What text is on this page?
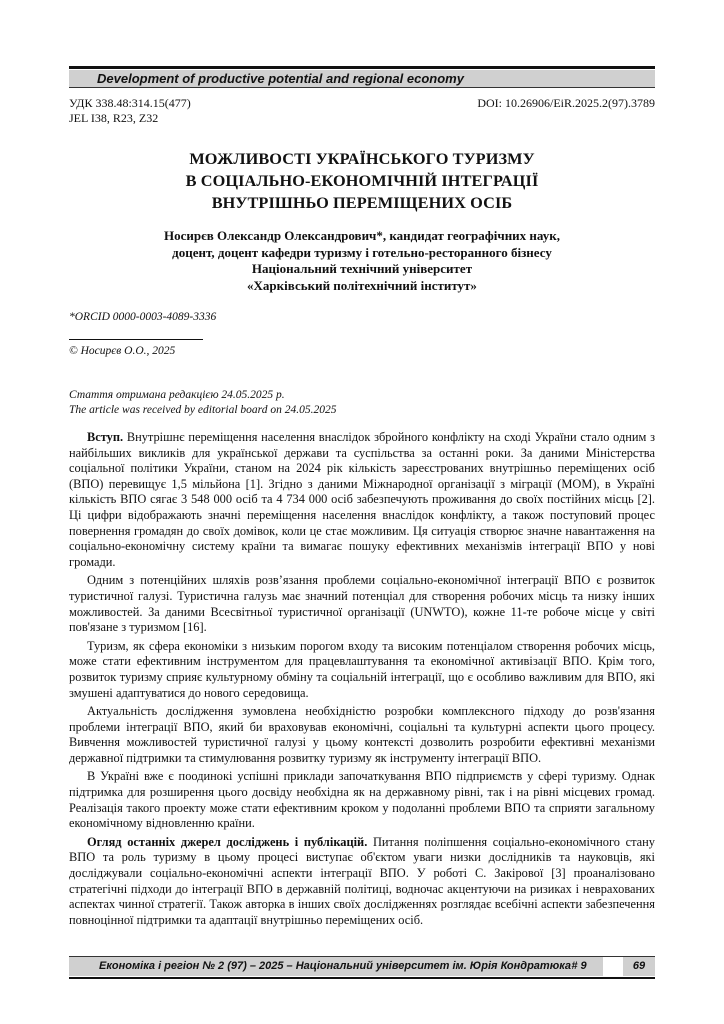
Development of productive potential and regional economy
УДК 338.48:314.15(477)
JEL I38, R23, Z32
DOI: 10.26906/EiR.2025.2(97).3789
МОЖЛИВОСТІ УКРАЇНСЬКОГО ТУРИЗМУ
В СОЦІАЛЬНО-ЕКОНОМІЧНІЙ ІНТЕГРАЦІЇ
ВНУТРІШНЬО ПЕРЕМІЩЕНИХ ОСІБ
Носирєв Олександр Олександрович*, кандидат географічних наук,
доцент, доцент кафедри туризму і готельно-ресторанного бізнесу
Національний технічний університет
«Харківський політехнічний інститут»
*ORCID 0000-0003-4089-3336
© Носирєв О.О., 2025
Стаття отримана редакцією 24.05.2025 р.
The article was received by editorial board on 24.05.2025

Вступ. Внутрішнє переміщення населення внаслідок збройного конфлікту на сході України стало одним з найбільших викликів для української держави та суспільства за останні роки. За даними Міністерства соціальної політики України, станом на 2024 рік кількість зареєстрованих внутрішньо переміщених осіб (ВПО) перевищує 1,5 мільйона [1]. Згідно з даними Міжнародної організації з міграції (МОМ), в Україні кількість ВПО сягає 3 548 000 осіб та 4 734 000 осіб забезпечують проживання до своїх постійних місць [2]. Ці цифри відображають значні переміщення населення внаслідок конфлікту, а також поступовий процес повернення громадян до своїх домівок, коли це стає можливим. Ця ситуація створює значне навантаження на соціально-економічну систему країни та вимагає пошуку ефективних механізмів інтеграції ВПО у нові громади.

Одним з потенційних шляхів розв’язання проблеми соціально-економічної інтеграції ВПО є розвиток туристичної галузі. Туристична галузь має значний потенціал для створення робочих місць та низку інших можливостей. За даними Всесвітньої туристичної організації (UNWTO), кожне 11-те робоче місце у світі пов'язане з туризмом [16].

Туризм, як сфера економіки з низьким порогом входу та високим потенціалом створення робочих місць, може стати ефективним інструментом для працевлаштування та економічної активізації ВПО. Крім того, розвиток туризму сприяє культурному обміну та соціальній інтеграції, що є особливо важливим для ВПО, які змушені адаптуватися до нового середовища.

Актуальність дослідження зумовлена необхідністю розробки комплексного підходу до розв'язання проблеми інтеграції ВПО, який би враховував економічні, соціальні та культурні аспекти цього процесу. Вивчення можливостей туристичної галузі у цьому контексті дозволить розробити ефективні механізми державної підтримки та стимулювання розвитку туризму як інструменту інтеграції ВПО.

В Україні вже є поодинокі успішні приклади започаткування ВПО підприємств у сфері туризму. Однак підтримка для розширення цього досвіду необхідна як на державному рівні, так і на рівні місцевих громад. Реалізація такого проекту може стати ефективним кроком у подоланні проблеми ВПО та сприяти загальному економічному відновленню країни.

Огляд останніх джерел досліджень і публікацій. Питання поліпшення соціально-економічного стану ВПО та роль туризму в цьому процесі виступає об'єктом уваги низки дослідників та науковців, які досліджували соціально-економічні аспекти інтеграції ВПО. У роботі С. Закірової [3] проаналізовано стратегічні підходи до інтеграції ВПО в державній політиці, водночас акцентуючи на ризиках і неврахованих аспектах чинної стратегії. Також авторка в інших своїх дослідженнях розглядає всебічні аспекти забезпечення повноцінної підтримки та адаптації внутрішньо переміщених осіб.

Економіка і регіон № 2 (97) – 2025 – Національний університет ім. Юрія Кондратюка # 9	69
